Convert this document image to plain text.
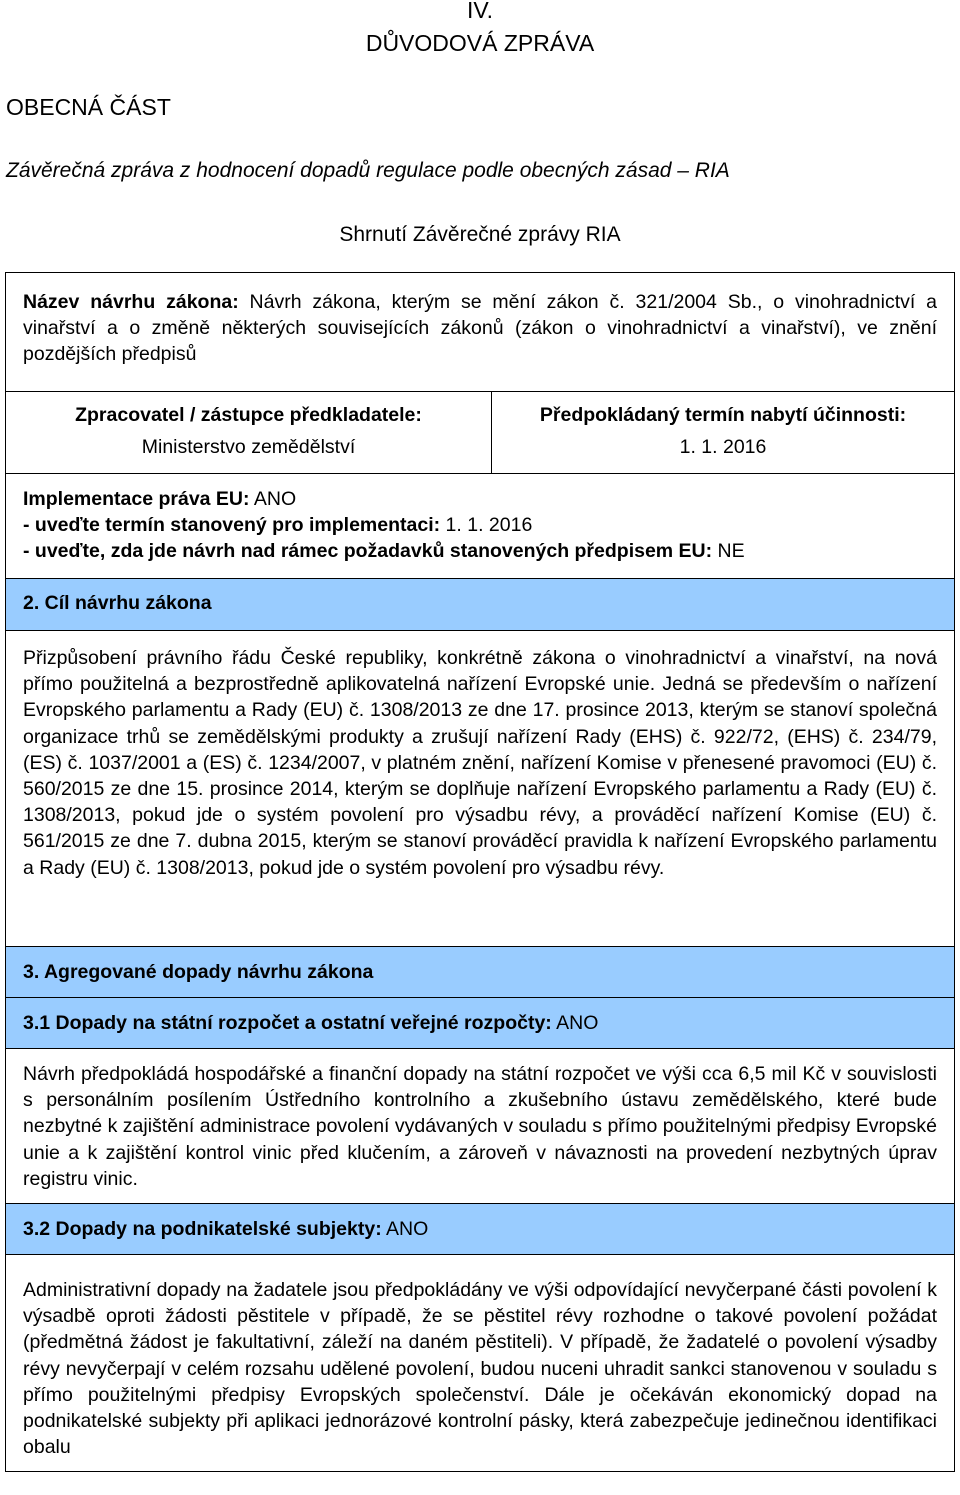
IV.
DŮVODOVÁ ZPRÁVA
OBECNÁ ČÁST
Závěrečná zpráva z hodnocení dopadů regulace podle obecných zásad – RIA
Shrnutí Závěrečné zprávy RIA
Název návrhu zákona: Návrh zákona, kterým se mění zákon č. 321/2004 Sb., o vinohradnictví a vinařství a o změně některých souvisejících zákonů (zákon o vinohradnictví a vinařství), ve znění pozdějších předpisů
Zpracovatel / zástupce předkladatele:
Ministerstvo zemědělství
Předpokládaný termín nabytí účinnosti:
1. 1. 2016
Implementace práva EU: ANO
- uveďte termín stanovený pro implementaci: 1. 1. 2016
- uveďte, zda jde návrh nad rámec požadavků stanovených předpisem EU: NE
2. Cíl návrhu zákona
Přizpůsobení právního řádu České republiky, konkrétně zákona o vinohradnictví a vinařství, na nová přímo použitelná a bezprostředně aplikovatelná nařízení Evropské unie. Jedná se především o nařízení Evropského parlamentu a Rady (EU) č. 1308/2013 ze dne 17. prosince 2013, kterým se stanoví společná organizace trhů se zemědělskými produkty a zrušují nařízení Rady (EHS) č. 922/72, (EHS) č. 234/79, (ES) č. 1037/2001 a (ES) č. 1234/2007, v platném znění, nařízení Komise v přenesené pravomoci (EU) č. 560/2015 ze dne 15. prosince 2014, kterým se doplňuje nařízení Evropského parlamentu a Rady (EU) č. 1308/2013, pokud jde o systém povolení pro výsadbu révy, a prováděcí nařízení Komise (EU) č. 561/2015 ze dne 7. dubna 2015, kterým se stanoví prováděcí pravidla k nařízení Evropského parlamentu a Rady (EU) č. 1308/2013, pokud jde o systém povolení pro výsadbu révy.
3. Agregované dopady návrhu zákona
3.1 Dopady na státní rozpočet a ostatní veřejné rozpočty: ANO
Návrh předpokládá hospodářské a finanční dopady na státní rozpočet ve výši cca 6,5 mil Kč v souvislosti s personálním posílením Ústředního kontrolního a zkušebního ústavu zemědělského, které bude nezbytné k zajištění administrace povolení vydávaných v souladu s přímo použitelnými předpisy Evropské unie a k zajištění kontrol vinic před klučením, a zároveň v návaznosti na provedení nezbytných úprav registru vinic.
3.2 Dopady na podnikatelské subjekty: ANO
Administrativní dopady na žadatele jsou předpokládány ve výši odpovídající nevyčerpané části povolení k výsadbě oproti žádosti pěstitele v případě, že se pěstitel révy rozhodne o takové povolení požádat (předmětná žádost je fakultativní, záleží na daném pěstiteli). V případě, že žadatelé o povolení výsadby révy nevyčerpají v celém rozsahu udělené povolení, budou nuceni uhradit sankci stanovenou v souladu s přímo použitelnými předpisy Evropských společenství. Dále je očekáván ekonomický dopad na podnikatelské subjekty při aplikaci jednorázové kontrolní pásky, která zabezpečuje jedinečnou identifikaci obalu
